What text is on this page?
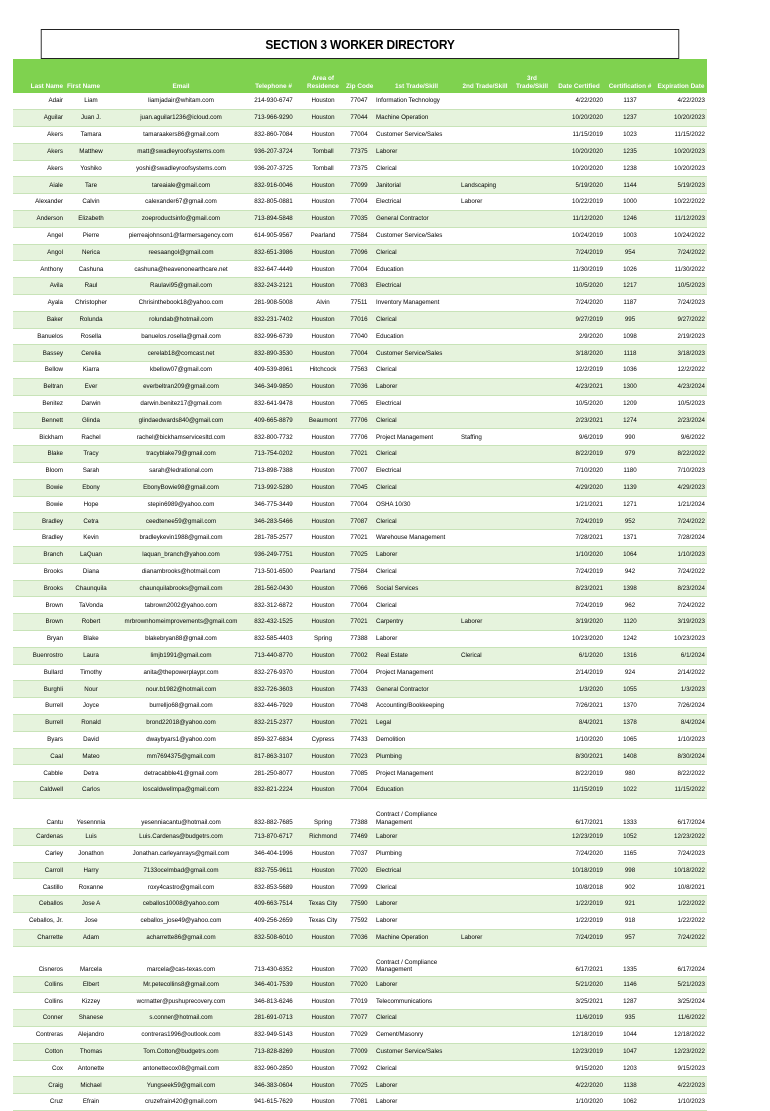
SECTION 3 WORKER DIRECTORY
Last Name	First Name	Email	Telephone #	Area of Residence	Zip Code	1st Trade/Skill	2nd Trade/Skill	3rd Trade/Skill	Date Certified	Certification #	Expiration Date
Adair	Liam	liamjadair@whitam.com	214-930-6747	Houston	77047	Information Technology			4/22/2020	1137	4/22/2023
Aguilar	Juan J.	juan.aguilar1236@icloud.com	713-966-9290	Houston	77044	Machine Operation			10/20/2020	1237	10/20/2023
Akers	Tamara	tamaraakers86@gmail.com	832-860-7084	Houston	77004	Customer Service/Sales			11/15/2019	1023	11/15/2022
Akers	Matthew	matt@swadleyroofsystems.com	936-207-3724	Tomball	77375	Laborer			10/20/2020	1235	10/20/2023
Akers	Yoshiko	yoshi@swadleyroofsystems.com	936-207-3725	Tomball	77375	Clerical			10/20/2020	1238	10/20/2023
Aiale	Tare	tareaiale@gmail.com	832-916-0046	Houston	77099	Janitorial	Landscaping		5/19/2020	1144	5/19/2023
Alexander	Calvin	calexander67@gmail.com	832-805-0881	Houston	77004	Electrical	Laborer		10/22/2019	1000	10/22/2022
Anderson	Elizabeth	zoeproductsinfo@gmail.com	713-894-5848	Houston	77035	General Contractor			11/12/2020	1246	11/12/2023
Angel	Pierre	pierreajohnson1@farmersagency.com	614-905-9567	Pearland	77584	Customer Service/Sales			10/24/2019	1003	10/24/2022
Angol	Nerica	reesaangol@gmail.com	832-651-3986	Houston	77096	Clerical			7/24/2019	954	7/24/2022
Anthony	Cashuna	cashuna@heavenonearthcare.net	832-647-4449	Houston	77004	Education			11/30/2019	1026	11/30/2022
Avila	Raul	Raulavi95@gmail.com	832-243-2121	Houston	77083	Electrical			10/5/2020	1217	10/5/2023
Ayala	Christopher	Chrisinthebook18@yahoo.com	281-908-5008	Alvin	77511	Inventory Management			7/24/2020	1187	7/24/2023
Baker	Rolunda	rolundab@hotmail.com	832-231-7402	Houston	77016	Clerical			9/27/2019	995	9/27/2022
Banuelos	Rosella	banuelos.rosella@gmail.com	832-996-6739	Houston	77040	Education			2/9/2020	1098	2/19/2023
Bassey	Cerelia	cerelab18@comcast.net	832-890-3530	Houston	77004	Customer Service/Sales			3/18/2020	1118	3/18/2023
Bellow	Kiarra	kbellow07@gmail.com	409-539-8961	Hitchcock	77563	Clerical			12/2/2019	1036	12/2/2022
Beltran	Ever	everbeltran209@gmail.com	346-349-9850	Houston	77036	Laborer			4/23/2021	1300	4/23/2024
Benitez	Darwin	darwin.benitez17@gmail.com	832-641-9478	Houston	77065	Electrical			10/5/2020	1209	10/5/2023
Bennett	Glinda	glindaedwards840@gmail.com	409-665-8879	Beaumont	77706	Clerical			2/23/2021	1274	2/23/2024
Bickham	Rachel	rachel@bickhamservicesltd.com	832-800-7732	Houston	77706	Project Management	Staffing		9/6/2019	990	9/6/2022
Blake	Tracy	tracyblake79@gmail.com	713-754-0202	Houston	77021	Clerical			8/22/2019	979	8/22/2022
Bloom	Sarah	sarah@ledrational.com	713-898-7388	Houston	77007	Electrical			7/10/2020	1180	7/10/2023
Bowie	Ebony	EbonyBowie98@gmail.com	713-992-5280	Houston	77045	Clerical			4/29/2020	1139	4/29/2023
Bowie	Hope	stepin6989@yahoo.com	346-775-3449	Houston	77004	OSHA 10/30			1/21/2021	1271	1/21/2024
Bradley	Cetra	ceedtenee59@gmail.com	346-283-5466	Houston	77087	Clerical			7/24/2019	952	7/24/2022
Bradley	Kevin	bradleykevin1988@gmail.com	281-785-2577	Houston	77021	Warehouse Management			7/28/2021	1371	7/28/2024
Branch	LaQuan	laquan_branch@yahoo.com	936-249-7751	Houston	77025	Laborer			1/10/2020	1064	1/10/2023
Brooks	Diana	dianambrooks@hotmail.com	713-501-6500	Pearland	77584	Clerical			7/24/2019	942	7/24/2022
Brooks	Chaunquila	chaunquilabrooks@gmail.com	281-562-0430	Houston	77066	Social Services			8/23/2021	1398	8/23/2024
Brown	TaVonda	tabrown2002@yahoo.com	832-312-6872	Houston	77004	Clerical			7/24/2019	962	7/24/2022
Brown	Robert	mrbrownhomeimprovements@gmail.com	832-432-1525	Houston	77021	Carpentry	Laborer		3/19/2020	1120	3/19/2023
Bryan	Blake	blakebryan88@gmail.com	832-585-4403	Spring	77388	Laborer			10/23/2020	1242	10/23/2023
Buenrostro	Laura	limjb1991@gmail.com	713-440-8770	Houston	77002	Real Estate	Clerical		6/1/2020	1316	6/1/2024
Bullard	Timothy	anita@thepowerplaypr.com	832-276-9370	Houston	77004	Project Management			2/14/2019	924	2/14/2022
Burghli	Nour	nour.b1982@hotmail.com	832-726-3603	Houston	77433	General Contractor			1/3/2020	1055	1/3/2023
Burrell	Joyce	burrelljo68@gmail.com	832-446-7929	Houston	77048	Accounting/Bookkeeping			7/26/2021	1370	7/26/2024
Burrell	Ronald	brond22018@yahoo.com	832-215-2377	Houston	77021	Legal			8/4/2021	1378	8/4/2024
Byars	David	dwaybyars1@yahoo.com	859-327-6834	Cypress	77433	Demolition			1/10/2020	1065	1/10/2023
Caal	Mateo	mm7694375@gmail.com	817-863-3107	Houston	77023	Plumbing			8/30/2021	1408	8/30/2024
Cabble	Detra	detracabble41@gmail.com	281-250-8077	Houston	77085	Project Management			8/22/2019	980	8/22/2022
Caldwell	Carlos	loscaldwellmpa@gmail.com	832-821-2224	Houston	77004	Education			11/15/2019	1022	11/15/2022
Cantu	Yesennnia	yesenniacantu@hotmail.com	832-882-7685	Spring	77388	Contract / Compliance Management			6/17/2021	1333	6/17/2024
Cardenas	Luis	Luis.Cardenas@budgetrs.com	713-870-6717	Richmond	77469	Laborer			12/23/2019	1052	12/23/2022
Carley	Jonathon	Jonathan.carleyanrays@gmail.com	346-404-1996	Houston	77037	Plumbing			7/24/2020	1165	7/24/2023
Carroll	Harry	7133ocelmbad@gmail.com	832-755-9611	Houston	77020	Electrical			10/18/2019	998	10/18/2022
Castillo	Roxanne	roxy4castro@gmail.com	832-853-5689	Houston	77099	Clerical			10/8/2018	902	10/8/2021
Ceballos	Jose A	ceballos10008@yahoo.com	409-663-7514	Texas City	77590	Laborer			1/22/2019	921	1/22/2022
Ceballos, Jr.	Jose	ceballos_jose49@yahoo.com	409-256-2659	Texas City	77592	Laborer			1/22/2019	918	1/22/2022
Charrette	Adam	acharrette86@gmail.com	832-508-6010	Houston	77036	Machine Operation	Laborer		7/24/2019	957	7/24/2022
Cisneros	Marcela	marcela@cas-texas.com	713-430-6352	Houston	77020	Contract / Compliance Management			6/17/2021	1335	6/17/2024
Collins	Elbert	Mr.petecollins8@gmail.com	346-401-7539	Houston	77020	Laborer			5/21/2020	1146	5/21/2023
Collins	Kizzey	wcrnatter@pushuprecovery.com	346-813-6246	Houston	77019	Telecommunications			3/25/2021	1287	3/25/2024
Conner	Shanese	s.conner@hotmail.com	281-691-0713	Houston	77077	Clerical			11/6/2019	935	11/6/2022
Contreras	Alejandro	contreras1996@outlook.com	832-949-5143	Houston	77029	Cement/Masonry			12/18/2019	1044	12/18/2022
Cotton	Thomas	Tom.Cotton@budgetrs.com	713-828-8269	Houston	77009	Customer Service/Sales			12/23/2019	1047	12/23/2022
Cox	Antonette	antonettecox08@gmail.com	832-960-2850	Houston	77092	Clerical			9/15/2020	1203	9/15/2023
Craig	Michael	Yungseek59@gmail.com	346-383-0604	Houston	77025	Laborer			4/22/2020	1138	4/22/2023
Cruz	Efrain	cruzefrain420@gmail.com	941-615-7629	Houston	77081	Laborer			1/10/2020	1062	1/10/2023
